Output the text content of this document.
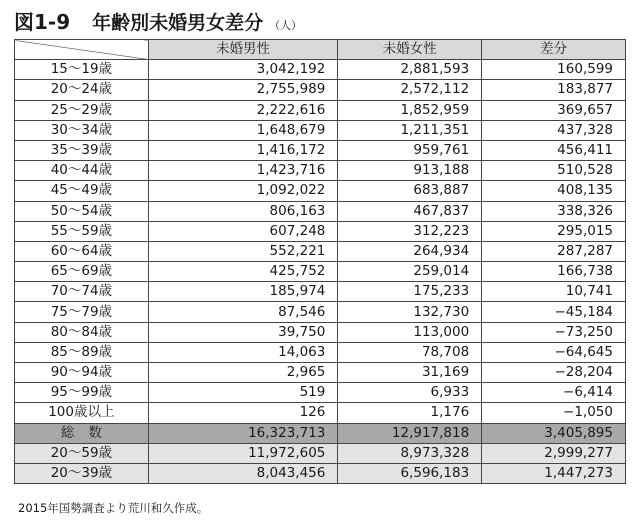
図1-9 年齢別未婚男女差分 （人）
	未婚男性	未婚女性	差分
15〜19歳	3,042,192	2,881,593	160,599
20〜24歳	2,755,989	2,572,112	183,877
25〜29歳	2,222,616	1,852,959	369,657
30〜34歳	1,648,679	1,211,351	437,328
35〜39歳	1,416,172	959,761	456,411
40〜44歳	1,423,716	913,188	510,528
45〜49歳	1,092,022	683,887	408,135
50〜54歳	806,163	467,837	338,326
55〜59歳	607,248	312,223	295,015
60〜64歳	552,221	264,934	287,287
65〜69歳	425,752	259,014	166,738
70〜74歳	185,974	175,233	10,741
75〜79歳	87,546	132,730	−45,184
80〜84歳	39,750	113,000	−73,250
85〜89歳	14,063	78,708	−64,645
90〜94歳	2,965	31,169	−28,204
95〜99歳	519	6,933	−6,414
100歳以上	126	1,176	−1,050
総数	16,323,713	12,917,818	3,405,895
20〜59歳	11,972,605	8,973,328	2,999,277
20〜39歳	8,043,456	6,596,183	1,447,273
2015年国勢調査より荒川和久作成。
